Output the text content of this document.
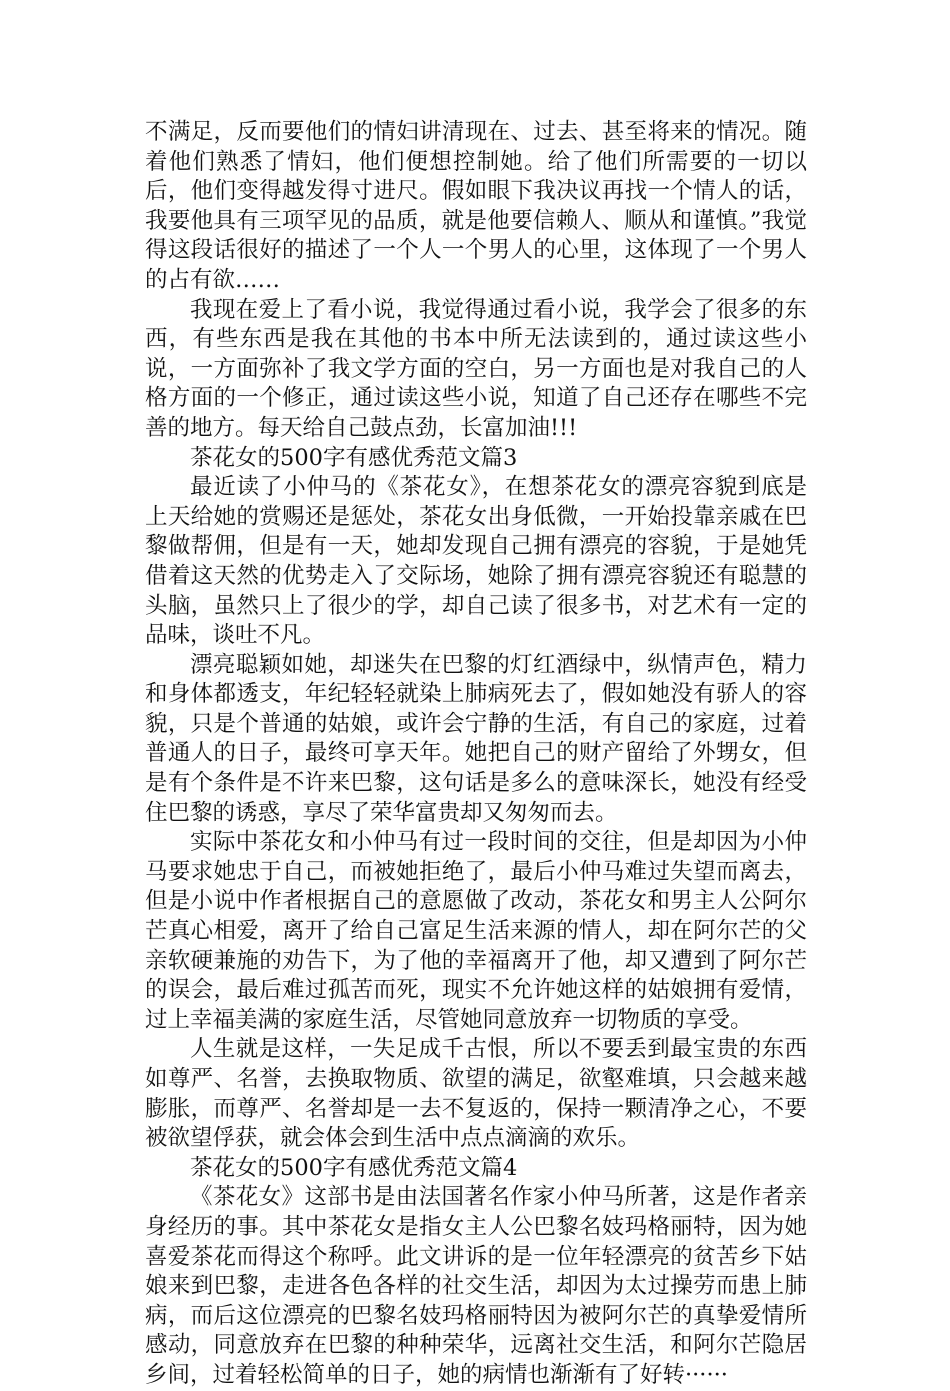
不满足，反而要他们的情妇讲清现在、过去、甚至将来的情况。随着他们熟悉了情妇，他们便想控制她。给了他们所需要的一切以后，他们变得越发得寸进尺。假如眼下我决议再找一个情人的话，我要他具有三项罕见的品质，就是他要信赖人、顺从和谨慎。”我觉得这段话很好的描述了一个人一个男人的心里，这体现了一个男人的占有欲……

我现在爱上了看小说，我觉得通过看小说，我学会了很多的东西，有些东西是我在其他的书本中所无法读到的，通过读这些小说，一方面弥补了我文学方面的空白，另一方面也是对我自己的人格方面的一个修正，通过读这些小说，知道了自己还存在哪些不完善的地方。每天给自己鼓点劲，长富加油!!!

茶花女的500字有感优秀范文篇3

最近读了小仲马的《茶花女》，在想茶花女的漂亮容貌到底是上天给她的赏赐还是惩处，茶花女出身低微，一开始投靠亲戚在巴黎做帮佣，但是有一天，她却发现自己拥有漂亮的容貌，于是她凭借着这天然的优势走入了交际场，她除了拥有漂亮容貌还有聪慧的头脑，虽然只上了很少的学，却自己读了很多书，对艺术有一定的品味，谈吐不凡。

漂亮聪颖如她，却迷失在巴黎的灯红酒绿中，纵情声色，精力和身体都透支，年纪轻轻就染上肺病死去了，假如她没有骄人的容貌，只是个普通的姑娘，或许会宁静的生活，有自己的家庭，过着普通人的日子，最终可享天年。她把自己的财产留给了外甥女，但是有个条件是不许来巴黎，这句话是多么的意味深长，她没有经受住巴黎的诱惑，享尽了荣华富贵却又匆匆而去。

实际中茶花女和小仲马有过一段时间的交往，但是却因为小仲马要求她忠于自己，而被她拒绝了，最后小仲马难过失望而离去，但是小说中作者根据自己的意愿做了改动，茶花女和男主人公阿尔芒真心相爱，离开了给自己富足生活来源的情人，却在阿尔芒的父亲软硬兼施的劝告下，为了他的幸福离开了他，却又遭到了阿尔芒的误会，最后难过孤苦而死，现实不允许她这样的姑娘拥有爱情，过上幸福美满的家庭生活，尽管她同意放弃一切物质的享受。

人生就是这样，一失足成千古恨，所以不要丢到最宝贵的东西如尊严、名誉，去换取物质、欲望的满足，欲壑难填，只会越来越膨胀，而尊严、名誉却是一去不复返的，保持一颗清净之心，不要被欲望俘获，就会体会到生活中点点滴滴的欢乐。

茶花女的500字有感优秀范文篇4

《茶花女》这部书是由法国著名作家小仲马所著，这是作者亲身经历的事。其中茶花女是指女主人公巴黎名妓玛格丽特，因为她喜爱茶花而得这个称呼。此文讲诉的是一位年轻漂亮的贫苦乡下姑娘来到巴黎，走进各色各样的社交生活，却因为太过操劳而患上肺病，而后这位漂亮的巴黎名妓玛格丽特因为被阿尔芒的真挚爱情所感动，同意放弃在巴黎的种种荣华，远离社交生活，和阿尔芒隐居乡间，过着轻松简单的日子，她的病情也渐渐有了好转······
